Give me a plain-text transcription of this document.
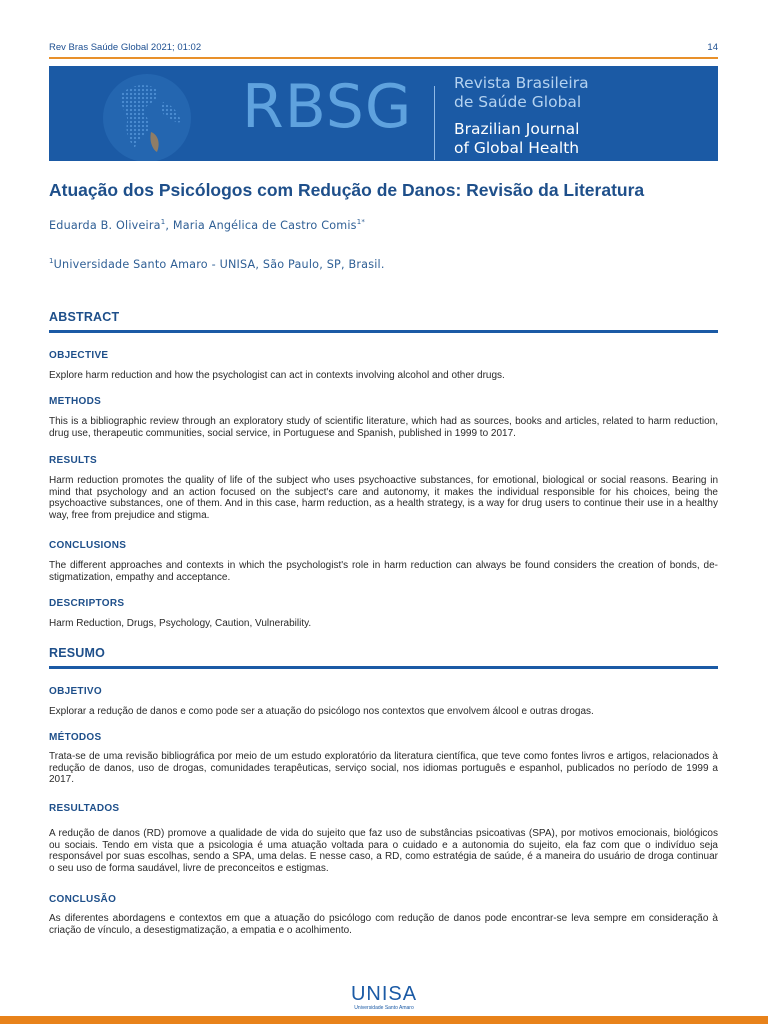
Rev Bras Saúde Global 2021; 01:02	14
RBSG	Revista Brasileira
de Saúde Global
Brazilian Journal
of Global Health
Atuação dos Psicólogos com Redução de Danos: Revisão da Literatura
Eduarda B. Oliveira$^1$, Maria Angélica de Castro Comis$^{1*}$
$^1$Universidade Santo Amaro - UNISA, São Paulo, SP, Brasil.
ABSTRACT
OBJECTIVE
Explore harm reduction and how the psychologist can act in contexts involving alcohol and other drugs.
METHODS
This is a bibliographic review through an exploratory study of scientific literature, which had as sources, books and articles, related to harm reduction, drug use, therapeutic communities, social service, in Portuguese and Spanish, published in 1999 to 2017.
RESULTS
Harm reduction promotes the quality of life of the subject who uses psychoactive substances, for emotional, biological or social reasons. Bearing in mind that psychology and an action focused on the subject's care and autonomy, it makes the individual responsible for his choices, being the psychoactive substances, one of them. And in this case, harm reduction, as a health strategy, is a way for drug users to continue their use in a healthy way, free from prejudice and stigma.
CONCLUSIONS
The different approaches and contexts in which the psychologist's role in harm reduction can always be found considers the creation of bonds, de-stigmatization, empathy and acceptance.
DESCRIPTORS
Harm Reduction, Drugs, Psychology, Caution, Vulnerability.
RESUMO
OBJETIVO
Explorar a redução de danos e como pode ser a atuação do psicólogo nos contextos que envolvem álcool e outras drogas.
MÉTODOS
Trata-se de uma revisão bibliográfica por meio de um estudo exploratório da literatura científica, que teve como fontes livros e artigos, relacionados à redução de danos, uso de drogas, comunidades terapêuticas, serviço social, nos idiomas português e espanhol, publicados no período de 1999 a 2017.
RESULTADOS
A redução de danos (RD) promove a qualidade de vida do sujeito que faz uso de substâncias psicoativas (SPA), por motivos emocionais, biológicos ou sociais. Tendo em vista que a psicologia é uma atuação voltada para o cuidado e a autonomia do sujeito, ela faz com que o indivíduo seja responsável por suas escolhas, sendo a SPA, uma delas. E nesse caso, a RD, como estratégia de saúde, é a maneira do usuário de droga continuar o seu uso de forma saudável, livre de preconceitos e estigmas.
CONCLUSÃO
As diferentes abordagens e contextos em que a atuação do psicólogo com redução de danos pode encontrar-se leva sempre em consideração à criação de vínculo, a desestigmatização, a empatia e o acolhimento.
UNISA
Universidade Santo Amaro
